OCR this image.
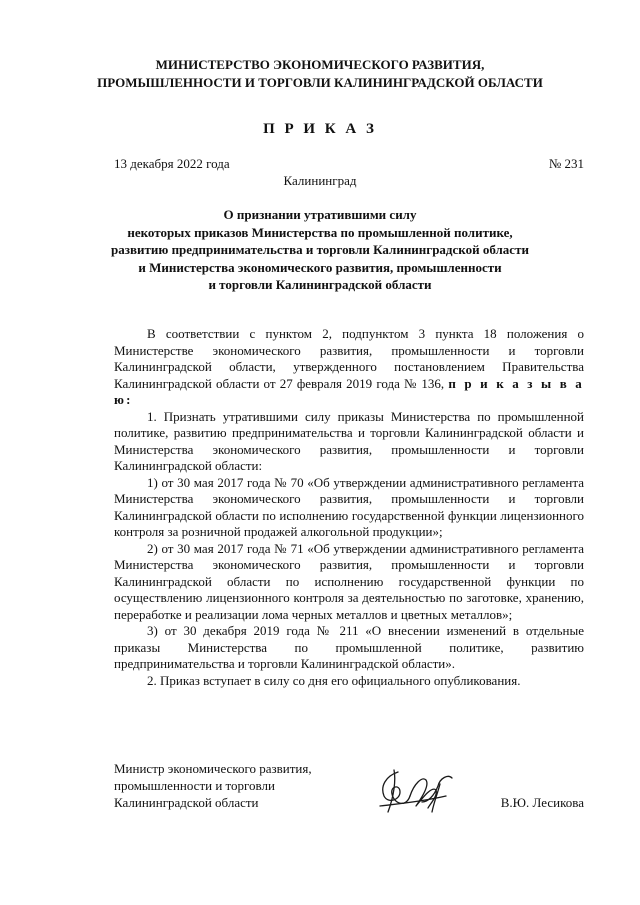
МИНИСТЕРСТВО ЭКОНОМИЧЕСКОГО РАЗВИТИЯ,
ПРОМЫШЛЕННОСТИ И ТОРГОВЛИ КАЛИНИНГРАДСКОЙ ОБЛАСТИ
П Р И К А З
13 декабря 2022 года	№ 231
Калининград
О признании утратившими силу
некоторых приказов Министерства по промышленной политике,
развитию предпринимательства и торговли Калининградской области
и Министерства экономического развития, промышленности
и торговли Калининградской области

В соответствии с пунктом 2, подпунктом 3 пункта 18 положения о Министерстве экономического развития, промышленности и торговли Калининградской области, утвержденного постановлением Правительства Калининградской области от 27 февраля 2019 года № 136, п р и к а з ы в а ю:

1. Признать утратившими силу приказы Министерства по промышленной политике, развитию предпринимательства и торговли Калининградской области и Министерства экономического развития, промышленности и торговли Калининградской области:

1) от 30 мая 2017 года № 70 «Об утверждении административного регламента Министерства экономического развития, промышленности и торговли Калининградской области по исполнению государственной функции лицензионного контроля за розничной продажей алкогольной продукции»;

2) от 30 мая 2017 года № 71 «Об утверждении административного регламента Министерства экономического развития, промышленности и торговли Калининградской области по исполнению государственной функции по осуществлению лицензионного контроля за деятельностью по заготовке, хранению, переработке и реализации лома черных металлов и цветных металлов»;

3) от 30 декабря 2019 года № 211 «О внесении изменений в отдельные приказы Министерства по промышленной политике, развитию предпринимательства и торговли Калининградской области».

2. Приказ вступает в силу со дня его официального опубликования.

Министр экономического развития,
промышленности и торговли
Калининградской области	В.Ю. Лесикова
